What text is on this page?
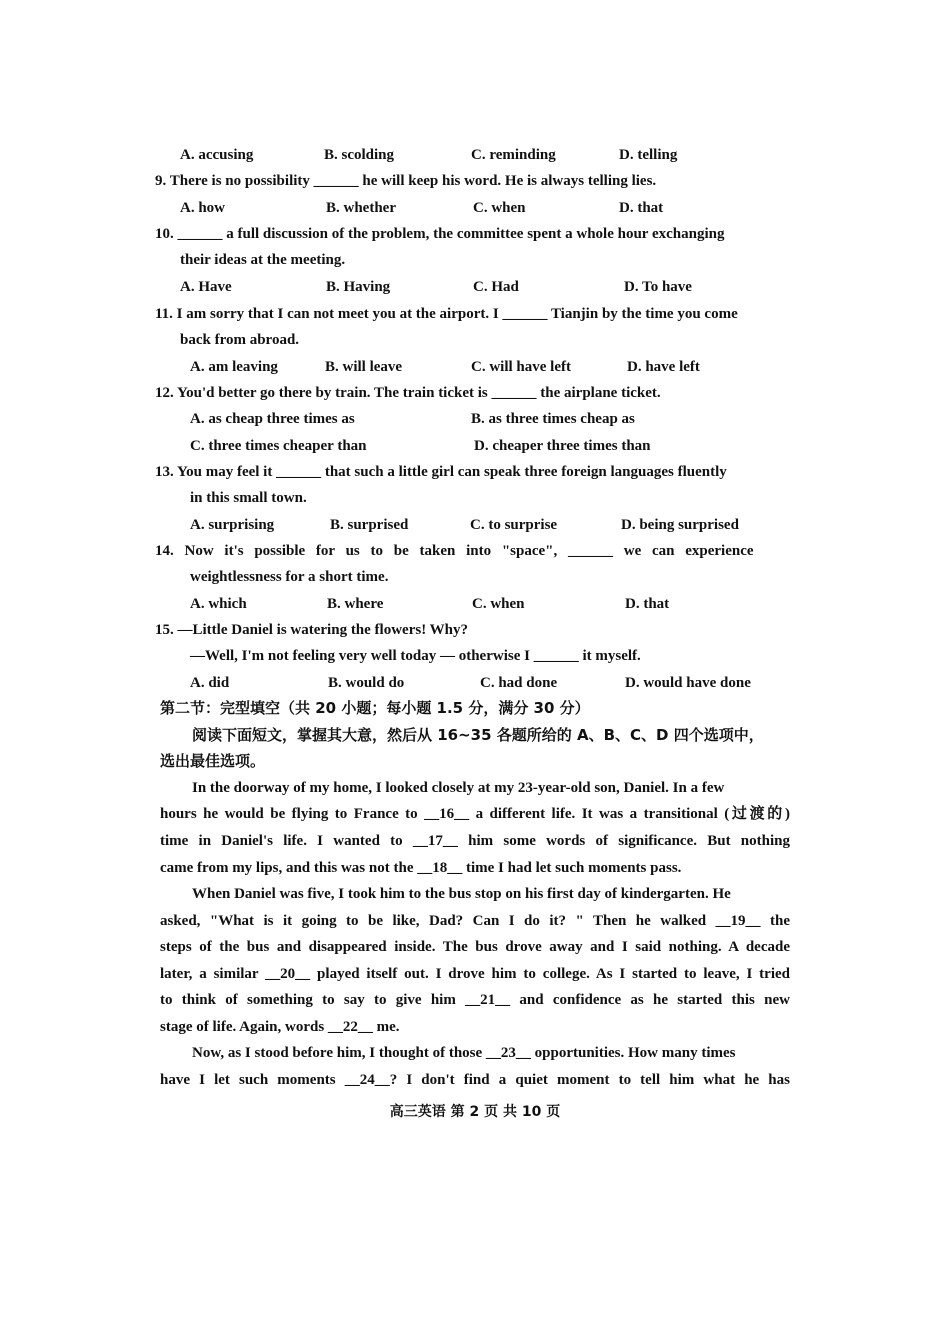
A. accusing	B. scolding	C. reminding	D. telling
9. There is no possibility ______ he will keep his word. He is always telling lies.
A. how	B. whether	C. when	D. that
10. ______ a full discussion of the problem, the committee spent a whole hour exchanging
their ideas at the meeting.
A. Have	B. Having	C. Had	D. To have
11. I am sorry that I can not meet you at the airport. I ______ Tianjin by the time you come
back from abroad.
A. am leaving	B. will leave	C. will have left	D. have left
12. You'd better go there by train. The train ticket is ______ the airplane ticket.
A. as cheap three times as	B. as three times cheap as
C. three times cheaper than	D. cheaper three times than
13. You may feel it ______ that such a little girl can speak three foreign languages fluently
in this small town.
A. surprising	B. surprised	C. to surprise	D. being surprised
14. Now it's possible for us to be taken into "space", ______ we can experience
weightlessness for a short time.
A. which	B. where	C. when	D. that
15. —Little Daniel is watering the flowers! Why?
—Well, I'm not feeling very well today — otherwise I ______ it myself.
A. did	B. would do	C. had done	D. would have done
第二节：完型填空（共 20 小题；每小题 1.5 分，满分 30 分）
阅读下面短文，掌握其大意，然后从 16~35 各题所给的 A、B、C、D 四个选项中，
选出最佳选项。
In the doorway of my home, I looked closely at my 23-year-old son, Daniel. In a few
hours he would be flying to France to __16__ a different life. It was a transitional (过渡的)
time in Daniel's life. I wanted to __17__ him some words of significance. But nothing
came from my lips, and this was not the __18__ time I had let such moments pass.
When Daniel was five, I took him to the bus stop on his first day of kindergarten. He
asked, "What is it going to be like, Dad? Can I do it? " Then he walked __19__ the
steps of the bus and disappeared inside. The bus drove away and I said nothing. A decade
later, a similar __20__ played itself out. I drove him to college. As I started to leave, I tried
to think of something to say to give him __21__ and confidence as he started this new
stage of life. Again, words __22__ me.
Now, as I stood before him, I thought of those __23__ opportunities. How many times
have I let such moments __24__? I don't find a quiet moment to tell him what he has
高三英语 第 2 页 共 10 页
